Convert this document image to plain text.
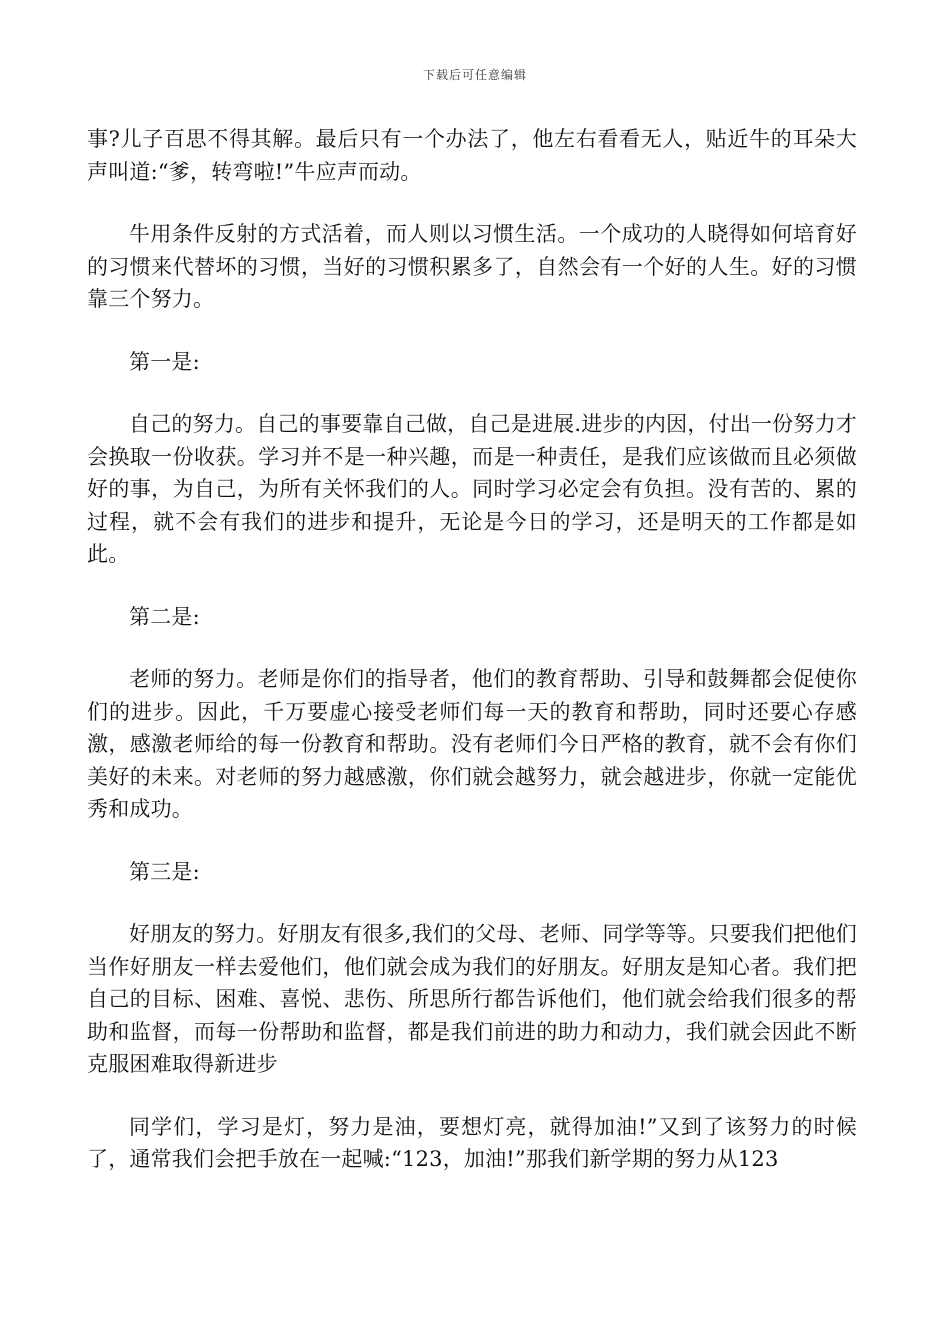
下载后可任意编辑

事?儿子百思不得其解。最后只有一个办法了，他左右看看无人，贴近牛的耳朵大声叫道:“爹，转弯啦!”牛应声而动。

牛用条件反射的方式活着，而人则以习惯生活。一个成功的人晓得如何培育好的习惯来代替坏的习惯，当好的习惯积累多了，自然会有一个好的人生。好的习惯靠三个努力。

第一是:

自己的努力。自己的事要靠自己做，自己是进展.进步的内因，付出一份努力才会换取一份收获。学习并不是一种兴趣，而是一种责任，是我们应该做而且必须做好的事，为自己，为所有关怀我们的人。同时学习必定会有负担。没有苦的、累的过程，就不会有我们的进步和提升，无论是今日的学习，还是明天的工作都是如此。

第二是:

老师的努力。老师是你们的指导者，他们的教育帮助、引导和鼓舞都会促使你们的进步。因此，千万要虚心接受老师们每一天的教育和帮助，同时还要心存感激，感激老师给的每一份教育和帮助。没有老师们今日严格的教育，就不会有你们美好的未来。对老师的努力越感激，你们就会越努力，就会越进步，你就一定能优秀和成功。

第三是:

好朋友的努力。好朋友有很多,我们的父母、老师、同学等等。只要我们把他们当作好朋友一样去爱他们，他们就会成为我们的好朋友。好朋友是知心者。我们把自己的目标、困难、喜悦、悲伤、所思所行都告诉他们，他们就会给我们很多的帮助和监督，而每一份帮助和监督，都是我们前进的助力和动力，我们就会因此不断克服困难取得新进步

同学们，学习是灯，努力是油，要想灯亮，就得加油!”又到了该努力的时候了，通常我们会把手放在一起喊:“123，加油!”那我们新学期的努力从123
